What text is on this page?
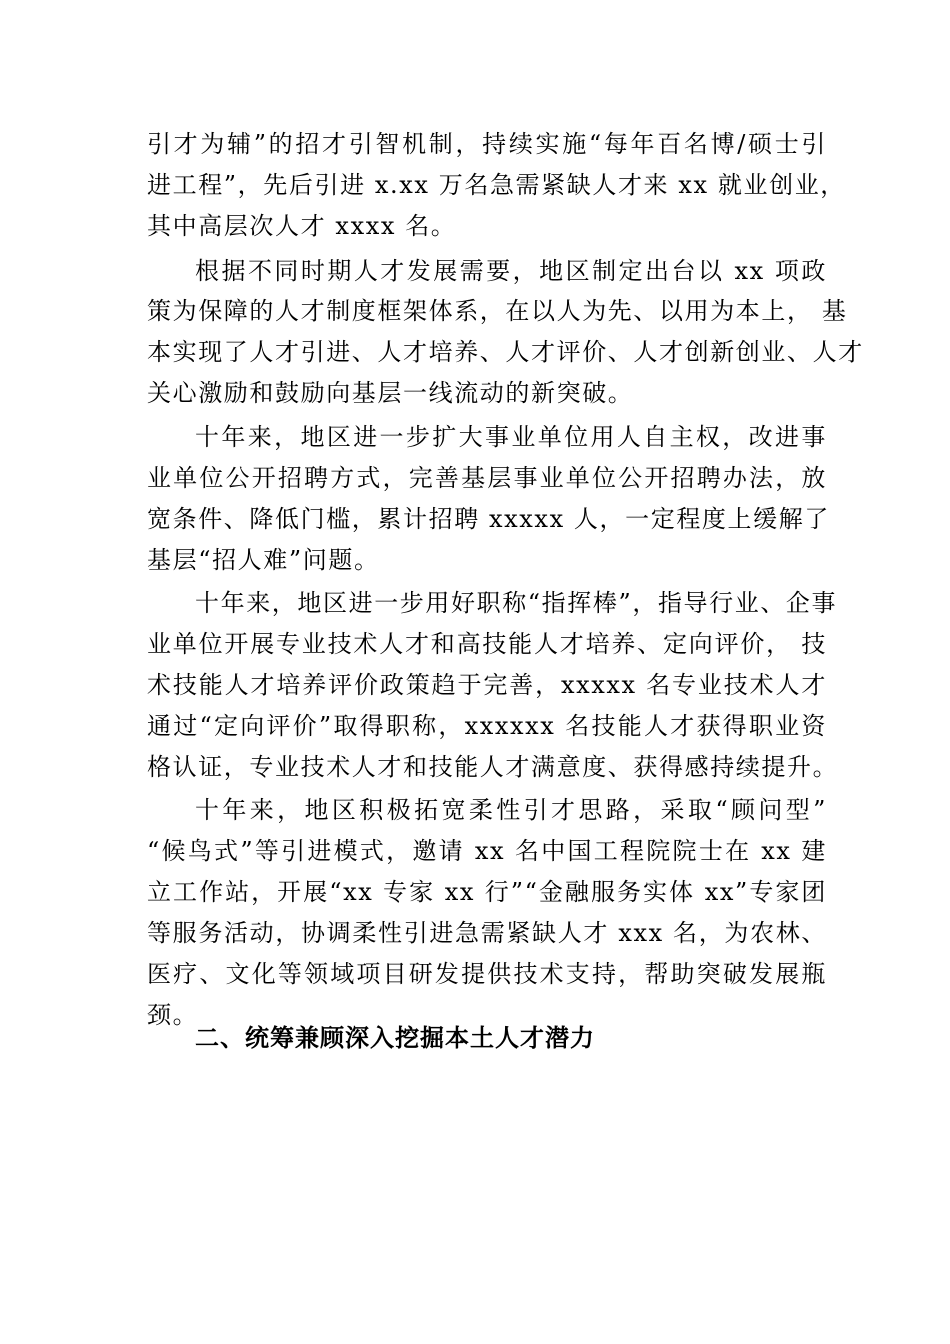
引才为辅”的招才引智机制，持续实施“每年百名博/硕士引
进工程”，先后引进 x.xx 万名急需紧缺人才来 xx 就业创业，
其中高层次人才 xxxx 名。
根据不同时期人才发展需要，地区制定出台以 xx 项政
策为保障的人才制度框架体系，在以人为先、以用为本上， 基
本实现了人才引进、人才培养、人才评价、人才创新创业、人才
关心激励和鼓励向基层一线流动的新突破。
十年来，地区进一步扩大事业单位用人自主权，改进事
业单位公开招聘方式，完善基层事业单位公开招聘办法，放
宽条件、降低门槛，累计招聘 xxxxx 人，一定程度上缓解了
基层“招人难”问题。
十年来，地区进一步用好职称“指挥棒”，指导行业、企事
业单位开展专业技术人才和高技能人才培养、定向评价， 技
术技能人才培养评价政策趋于完善，xxxxx 名专业技术人才
通过“定向评价”取得职称，xxxxxx 名技能人才获得职业资
格认证，专业技术人才和技能人才满意度、获得感持续提升。
十年来，地区积极拓宽柔性引才思路，采取“顾问型”
“候鸟式”等引进模式，邀请 xx 名中国工程院院士在 xx 建
立工作站，开展“xx 专家 xx 行”“金融服务实体 xx”专家团
等服务活动，协调柔性引进急需紧缺人才 xxx 名，为农林、
医疗、文化等领域项目研发提供技术支持，帮助突破发展瓶
颈。
二、统筹兼顾深入挖掘本土人才潜力
